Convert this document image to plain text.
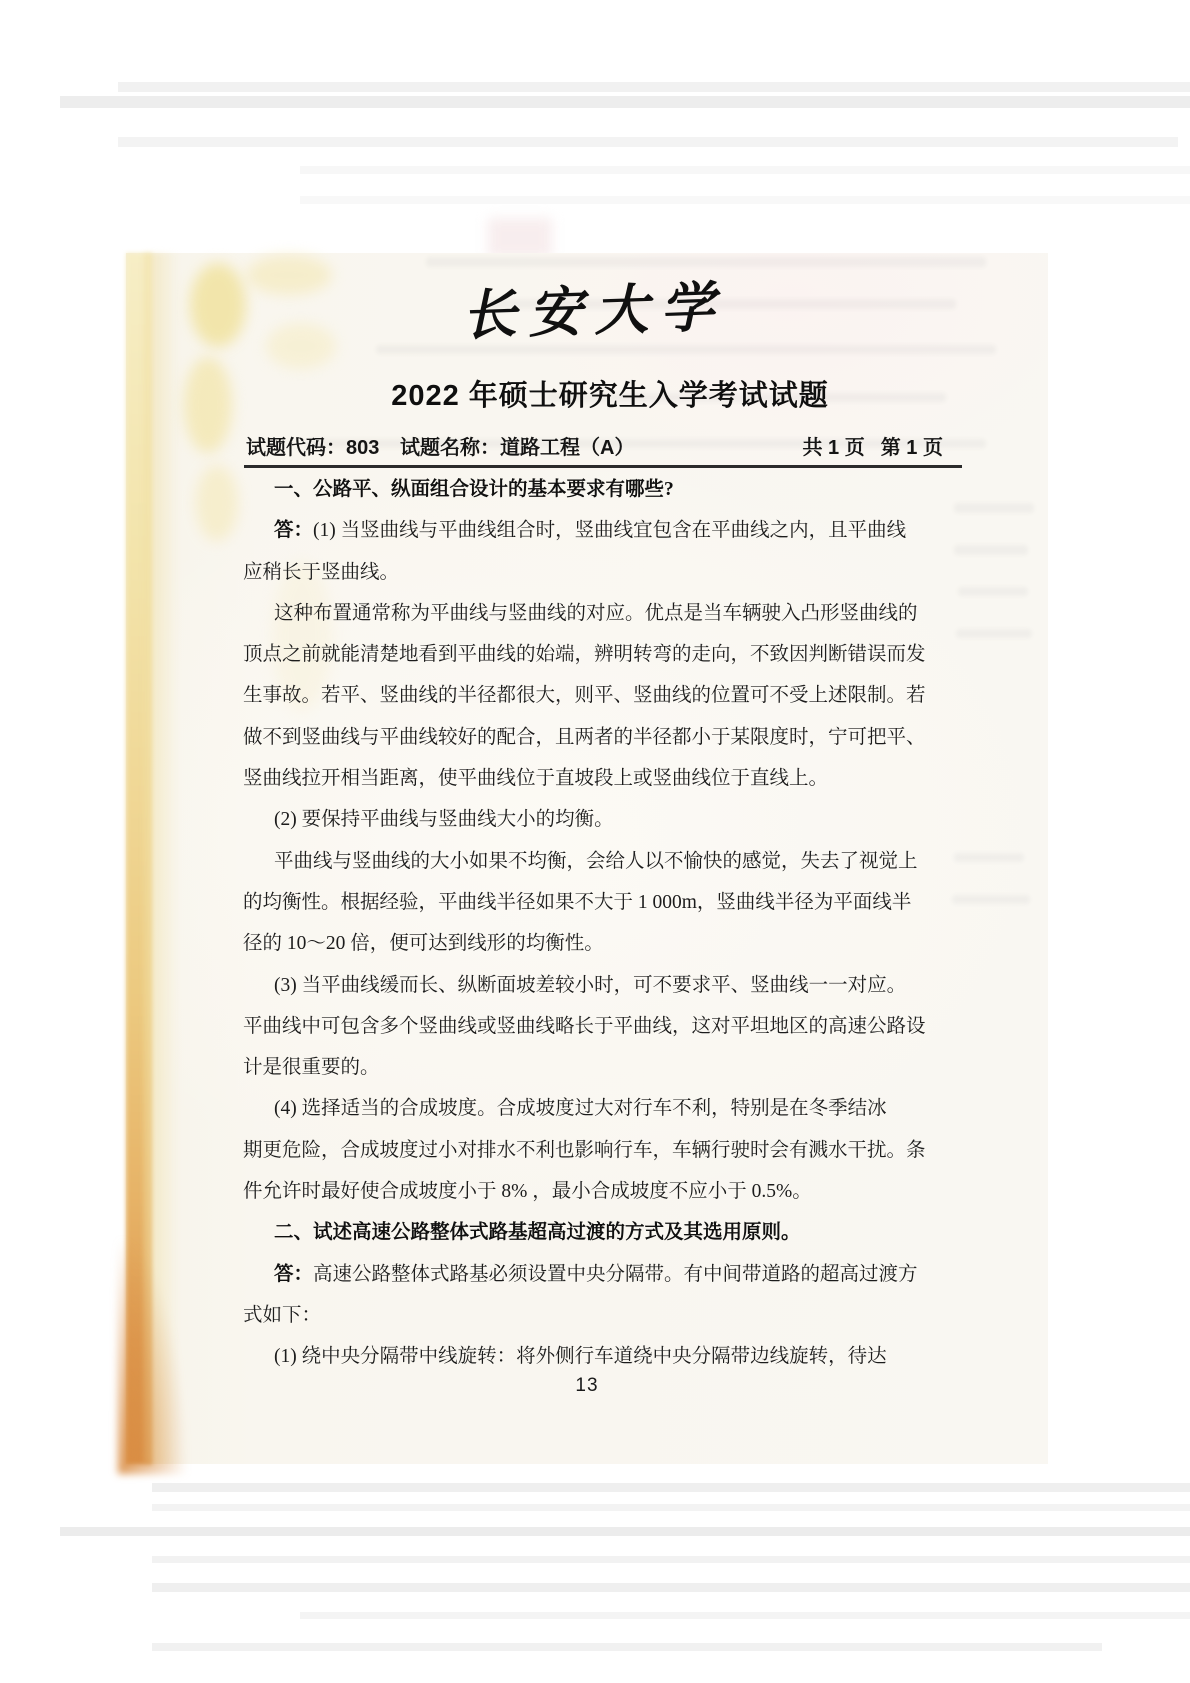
长安大学
2022 年硕士研究生入学考试试题
试题代码：803 试题名称：道路工程（A）	共 1 页 第 1 页
一、公路平、纵面组合设计的基本要求有哪些?
答：(1) 当竖曲线与平曲线组合时，竖曲线宜包含在平曲线之内，且平曲线
应稍长于竖曲线。
这种布置通常称为平曲线与竖曲线的对应。优点是当车辆驶入凸形竖曲线的
顶点之前就能清楚地看到平曲线的始端，辨明转弯的走向，不致因判断错误而发
生事故。若平、竖曲线的半径都很大，则平、竖曲线的位置可不受上述限制。若
做不到竖曲线与平曲线较好的配合，且两者的半径都小于某限度时，宁可把平、
竖曲线拉开相当距离，使平曲线位于直坡段上或竖曲线位于直线上。
(2) 要保持平曲线与竖曲线大小的均衡。
平曲线与竖曲线的大小如果不均衡，会给人以不愉快的感觉，失去了视觉上
的均衡性。根据经验，平曲线半径如果不大于 1 000m，竖曲线半径为平面线半
径的 10～20 倍，便可达到线形的均衡性。
(3) 当平曲线缓而长、纵断面坡差较小时，可不要求平、竖曲线一一对应。
平曲线中可包含多个竖曲线或竖曲线略长于平曲线，这对平坦地区的高速公路设
计是很重要的。
(4) 选择适当的合成坡度。合成坡度过大对行车不利，特别是在冬季结冰
期更危险，合成坡度过小对排水不利也影响行车，车辆行驶时会有溅水干扰。条
件允许时最好使合成坡度小于 8% ，最小合成坡度不应小于 0.5%。
二、试述高速公路整体式路基超高过渡的方式及其选用原则。
答：高速公路整体式路基必须设置中央分隔带。有中间带道路的超高过渡方
式如下：
(1) 绕中央分隔带中线旋转：将外侧行车道绕中央分隔带边线旋转，待达
13
